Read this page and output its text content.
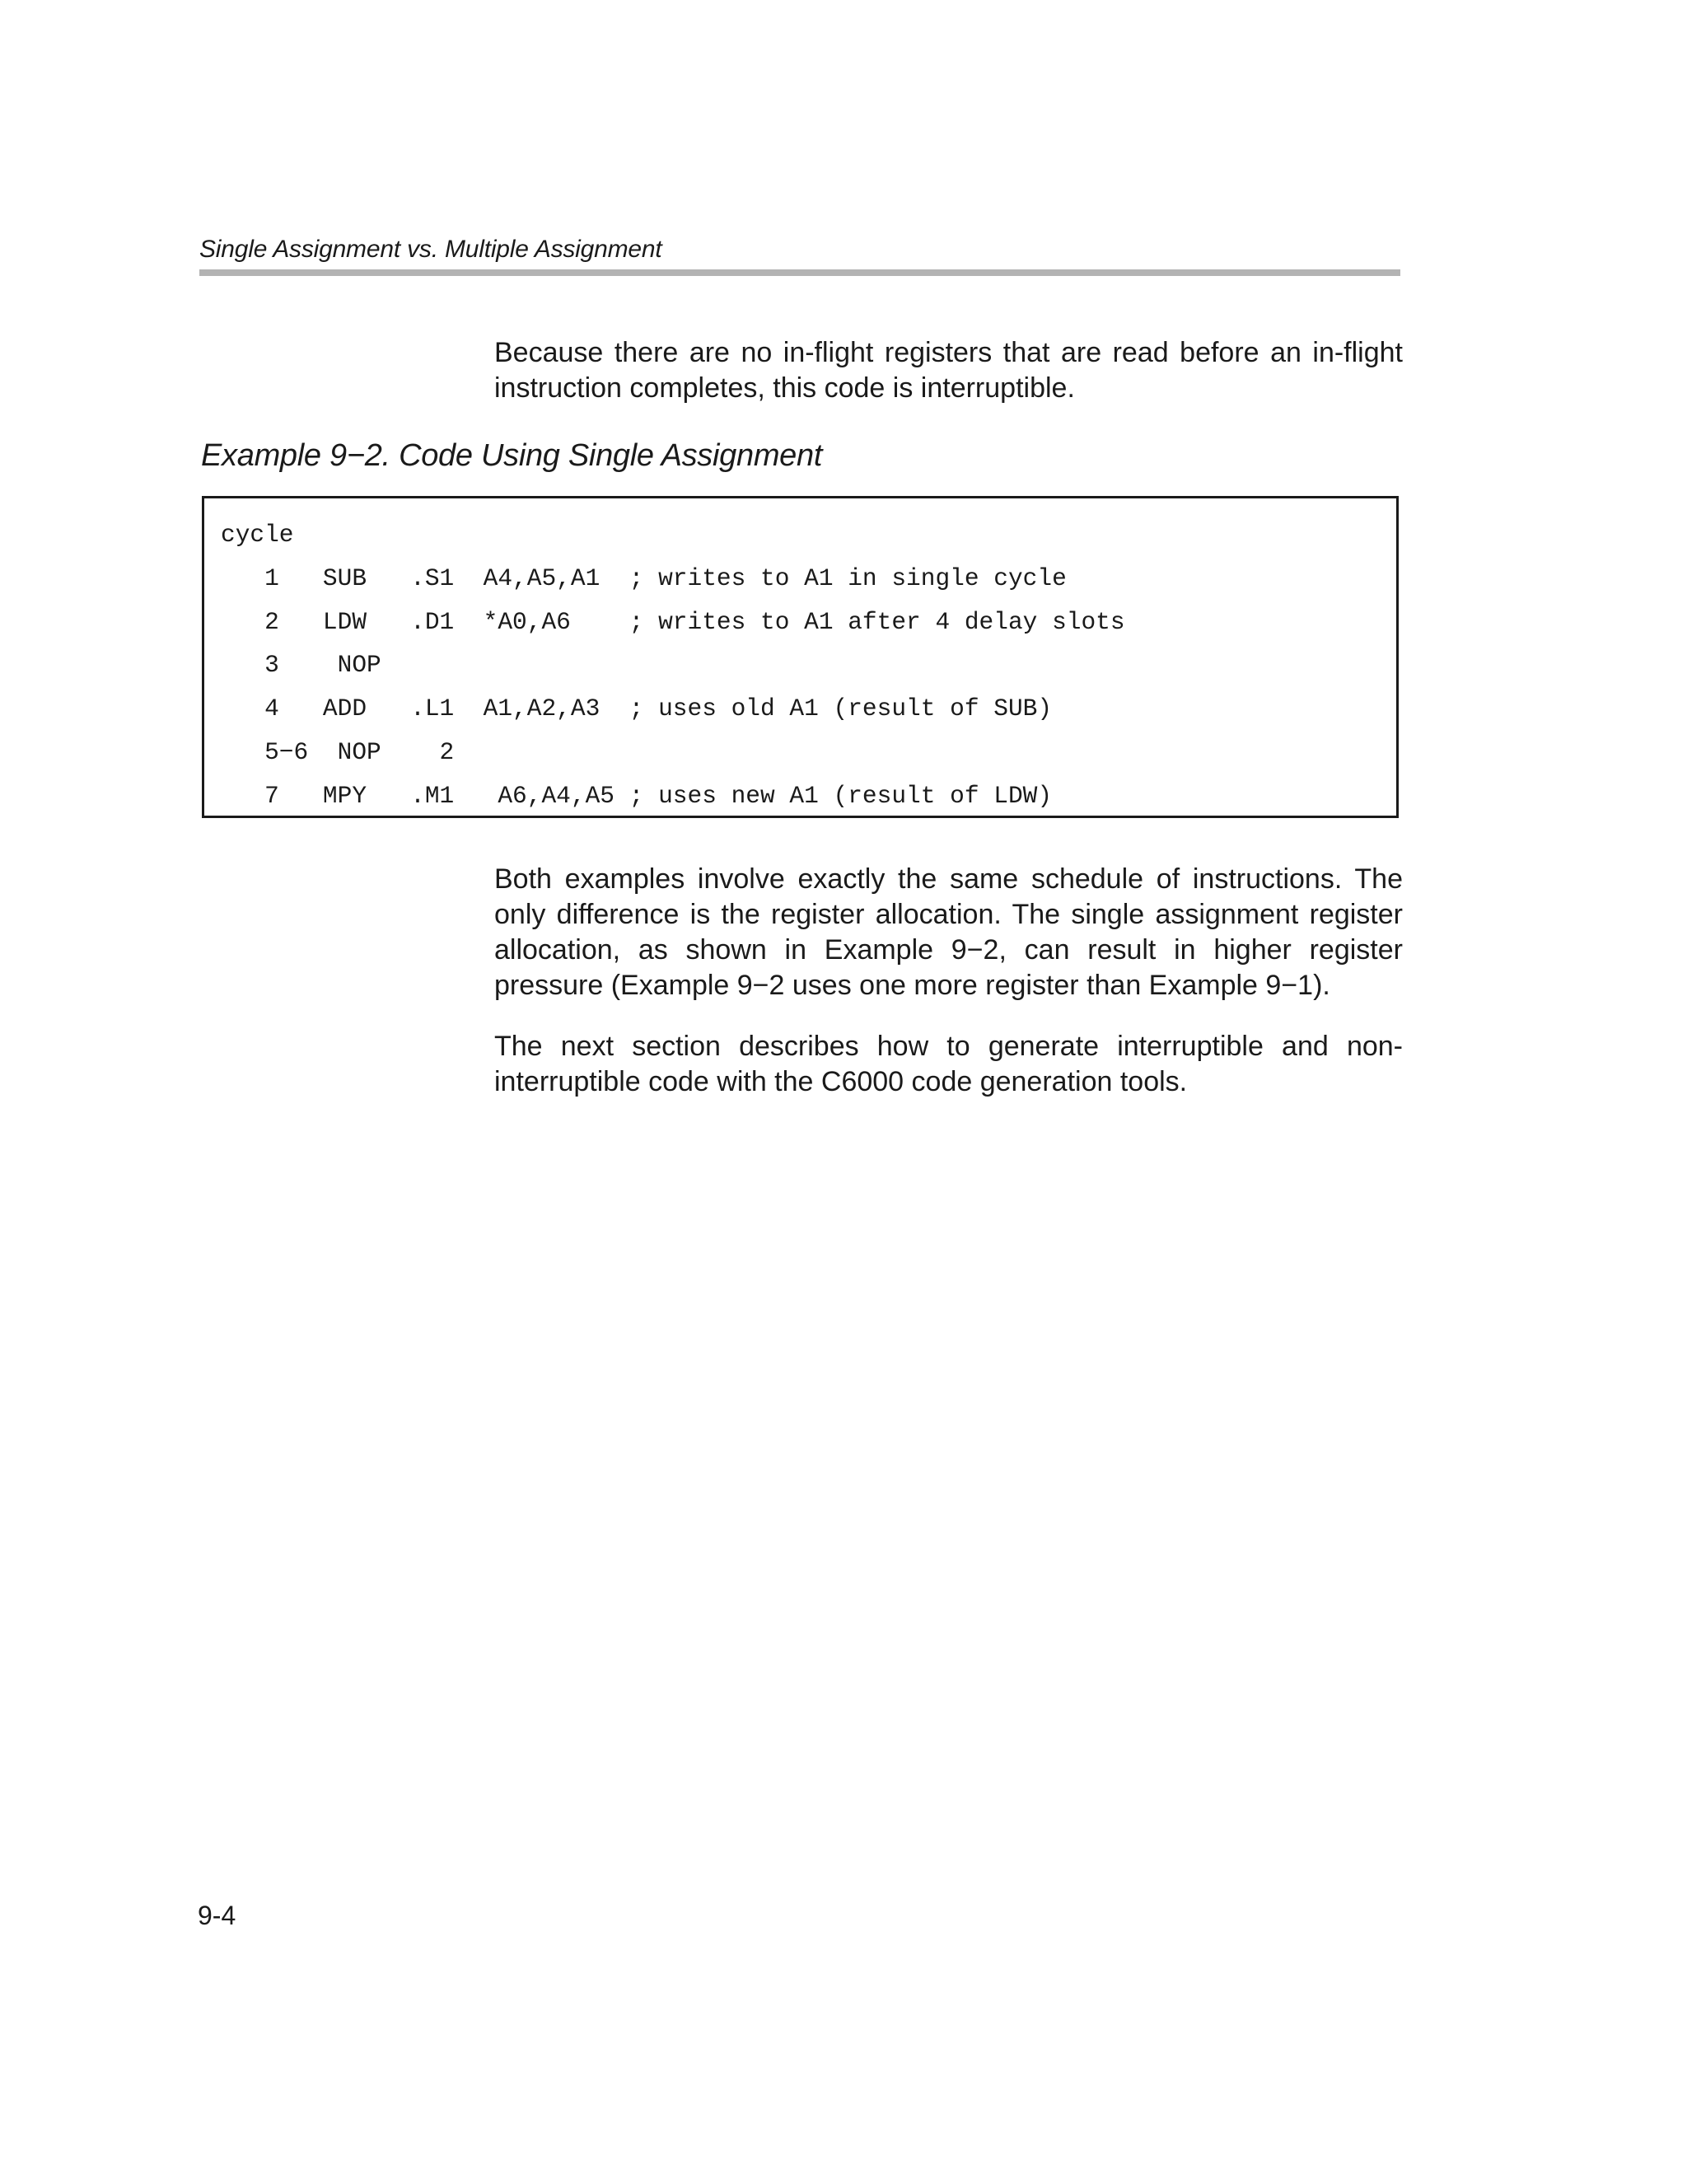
Single Assignment vs. Multiple Assignment

Because there are no in-flight registers that are read before an in-flight instruction completes, this code is interruptible.

Example 9−2. Code Using Single Assignment
cycle
1   SUB   .S1  A4,A5,A1  ; writes to A1 in single cycle
2   LDW   .D1  *A0,A6    ; writes to A1 after 4 delay slots
3    NOP
4   ADD   .L1  A1,A2,A3  ; uses old A1 (result of SUB)
5−6  NOP    2
7   MPY   .M1   A6,A4,A5 ; uses new A1 (result of LDW)

Both examples involve exactly the same schedule of instructions. The only difference is the register allocation. The single assignment register allocation, as shown in Example 9−2, can result in higher register pressure (Example 9−2 uses one more register than Example 9−1).

The next section describes how to generate interruptible and non-interruptible code with the C6000 code generation tools.

9-4
